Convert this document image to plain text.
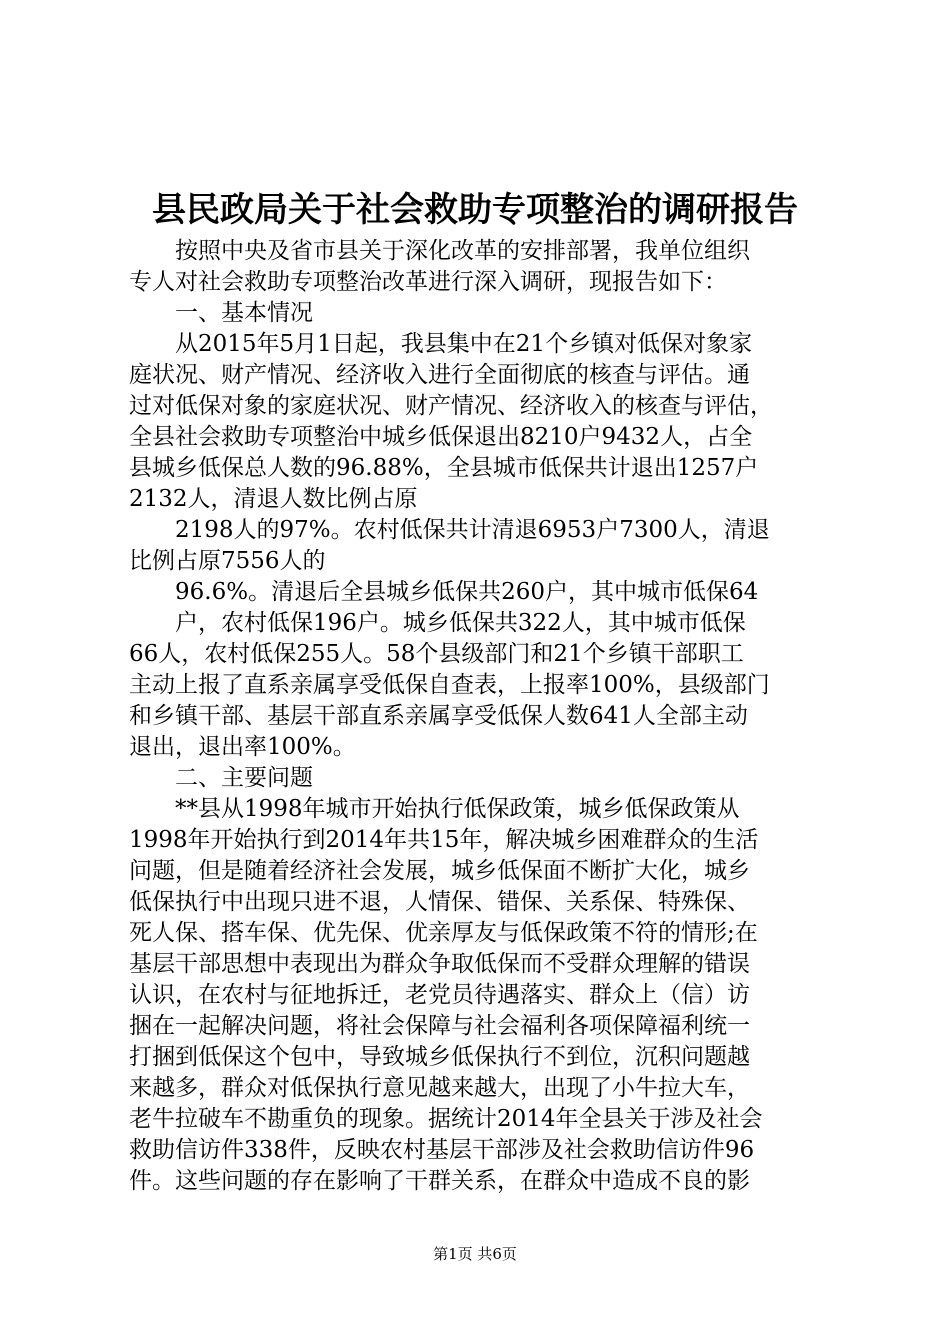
县民政局关于社会救助专项整治的调研报告
　　按照中央及省市县关于深化改革的安排部署，我单位组织
专人对社会救助专项整治改革进行深入调研，现报告如下：
　　一、基本情况
　　从2015年5月1日起，我县集中在21个乡镇对低保对象家
庭状况、财产情况、经济收入进行全面彻底的核查与评估。通
过对低保对象的家庭状况、财产情况、经济收入的核查与评估，
全县社会救助专项整治中城乡低保退出8210户9432人，占全
县城乡低保总人数的96.88%，全县城市低保共计退出1257户
2132人，清退人数比例占原
　　2198人的97%。农村低保共计清退6953户7300人，清退
比例占原7556人的
　　96.6%。清退后全县城乡低保共260户，其中城市低保64
　　户，农村低保196户。城乡低保共322人，其中城市低保
66人，农村低保255人。58个县级部门和21个乡镇干部职工
主动上报了直系亲属享受低保自查表，上报率100%，县级部门
和乡镇干部、基层干部直系亲属享受低保人数641人全部主动
退出，退出率100%。
　　二、主要问题
　　**县从1998年城市开始执行低保政策，城乡低保政策从
1998年开始执行到2014年共15年，解决城乡困难群众的生活
问题，但是随着经济社会发展，城乡低保面不断扩大化，城乡
低保执行中出现只进不退，人情保、错保、关系保、特殊保、
死人保、搭车保、优先保、优亲厚友与低保政策不符的情形;在
基层干部思想中表现出为群众争取低保而不受群众理解的错误
认识，在农村与征地拆迁，老党员待遇落实、群众上（信）访
捆在一起解决问题，将社会保障与社会福利各项保障福利统一
打捆到低保这个包中，导致城乡低保执行不到位，沉积问题越
来越多，群众对低保执行意见越来越大，出现了小牛拉大车，
老牛拉破车不勘重负的现象。据统计2014年全县关于涉及社会
救助信访件338件，反映农村基层干部涉及社会救助信访件96
件。这些问题的存在影响了干群关系，在群众中造成不良的影
第1页 共6页
